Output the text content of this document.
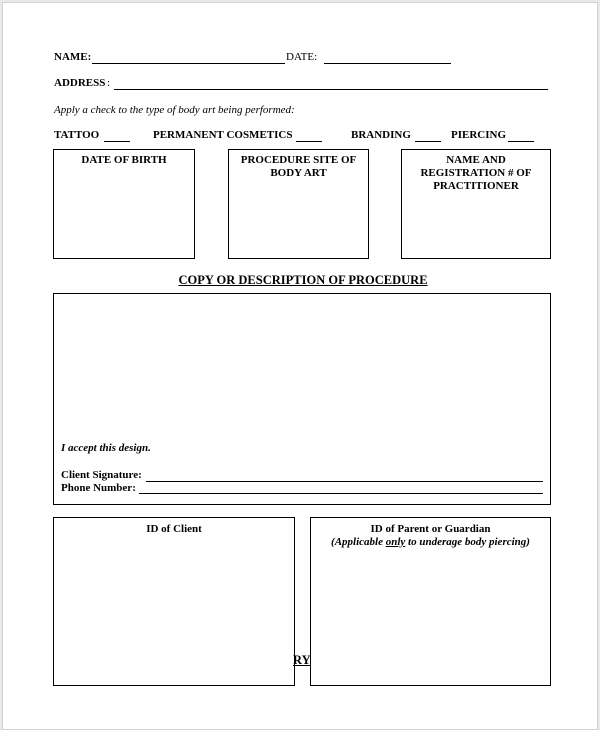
NAME:	DATE:
ADDRESS :
Apply a check to the type of body art being performed:
TATTOO	PERMANENT COSMETICS	BRANDING	PIERCING
DATE OF BIRTH	PROCEDURE SITE OF BODY ART
NAME AND REGISTRATION # OF PRACTITIONER
COPY OR DESCRIPTION OF PROCEDURE
I accept this design.
Client Signature:
Phone Number:
ID of Client	ID of Parent or Guardian
(Applicable only to underage body piercing)
RY
